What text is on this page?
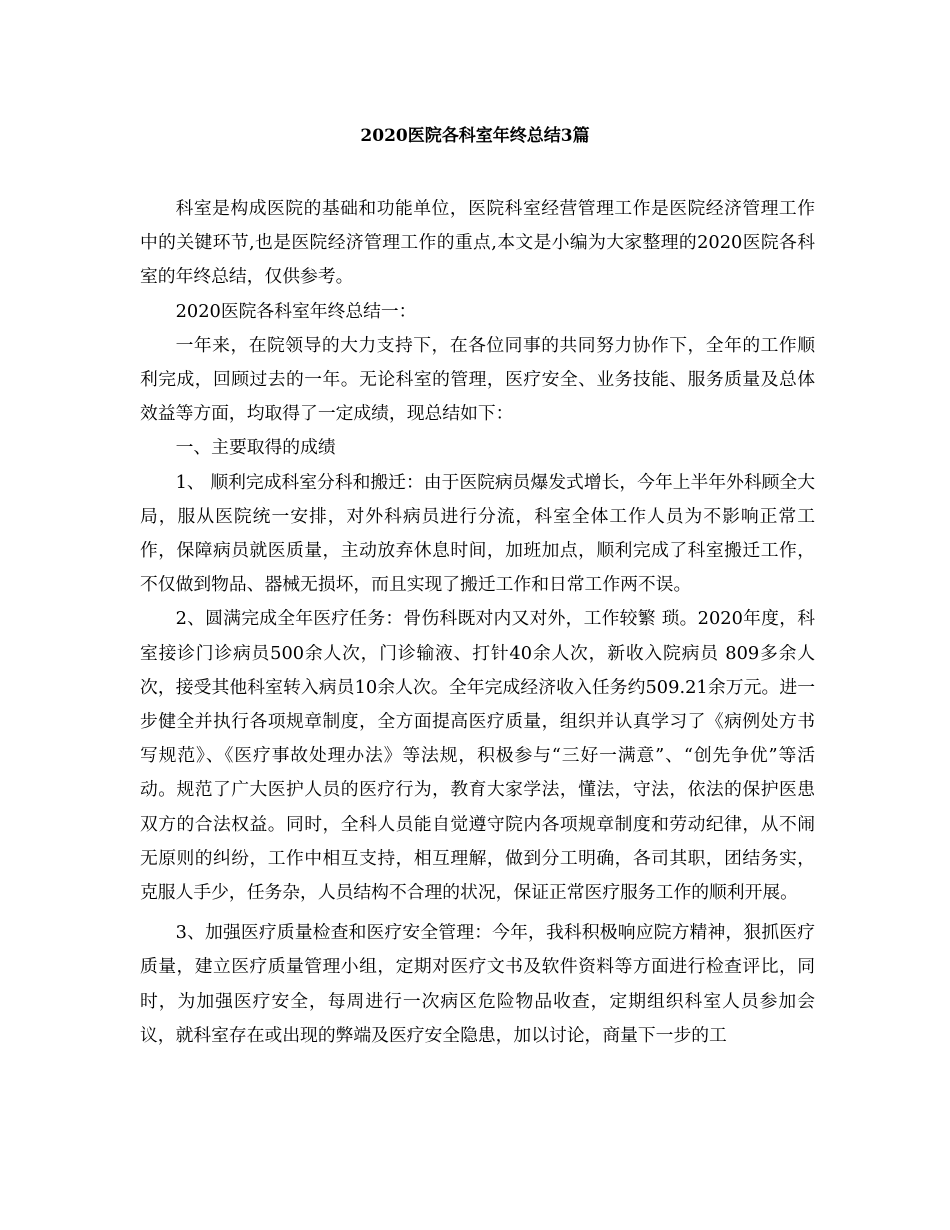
2020医院各科室年终总结3篇

科室是构成医院的基础和功能单位，医院科室经营管理工作是医院经济管理工作中的关键环节,也是医院经济管理工作的重点,本文是小编为大家整理的2020医院各科室的年终总结，仅供参考。

2020医院各科室年终总结一：

一年来，在院领导的大力支持下，在各位同事的共同努力协作下，全年的工作顺利完成，回顾过去的一年。无论科室的管理，医疗安全、业务技能、服务质量及总体效益等方面，均取得了一定成绩，现总结如下：

一、主要取得的成绩

1、 顺利完成科室分科和搬迁：由于医院病员爆发式增长，今年上半年外科顾全大局，服从医院统一安排，对外科病员进行分流，科室全体工作人员为不影响正常工作，保障病员就医质量，主动放弃休息时间，加班加点，顺利完成了科室搬迁工作，不仅做到物品、器械无损坏，而且实现了搬迁工作和日常工作两不误。

2、圆满完成全年医疗任务：骨伤科既对内又对外，工作较繁 琐。2020年度，科室接诊门诊病员500余人次，门诊输液、打针40余人次，新收入院病员 809多余人次，接受其他科室转入病员10余人次。全年完成经济收入任务约509.21余万元。进一步健全并执行各项规章制度，全方面提高医疗质量，组织并认真学习了《病例处方书写规范》、《医疗事故处理办法》等法规，积极参与“三好一满意”、“创先争优”等活动。规范了广大医护人员的医疗行为，教育大家学法，懂法，守法，依法的保护医患双方的合法权益。同时，全科人员能自觉遵守院内各项规章制度和劳动纪律，从不闹无原则的纠纷，工作中相互支持，相互理解，做到分工明确，各司其职，团结务实，克服人手少，任务杂，人员结构不合理的状况，保证正常医疗服务工作的顺利开展。

3、加强医疗质量检查和医疗安全管理：今年，我科积极响应院方精神，狠抓医疗质量，建立医疗质量管理小组，定期对医疗文书及软件资料等方面进行检查评比，同时，为加强医疗安全，每周进行一次病区危险物品收查，定期组织科室人员参加会议，就科室存在或出现的弊端及医疗安全隐患，加以讨论，商量下一步的工
